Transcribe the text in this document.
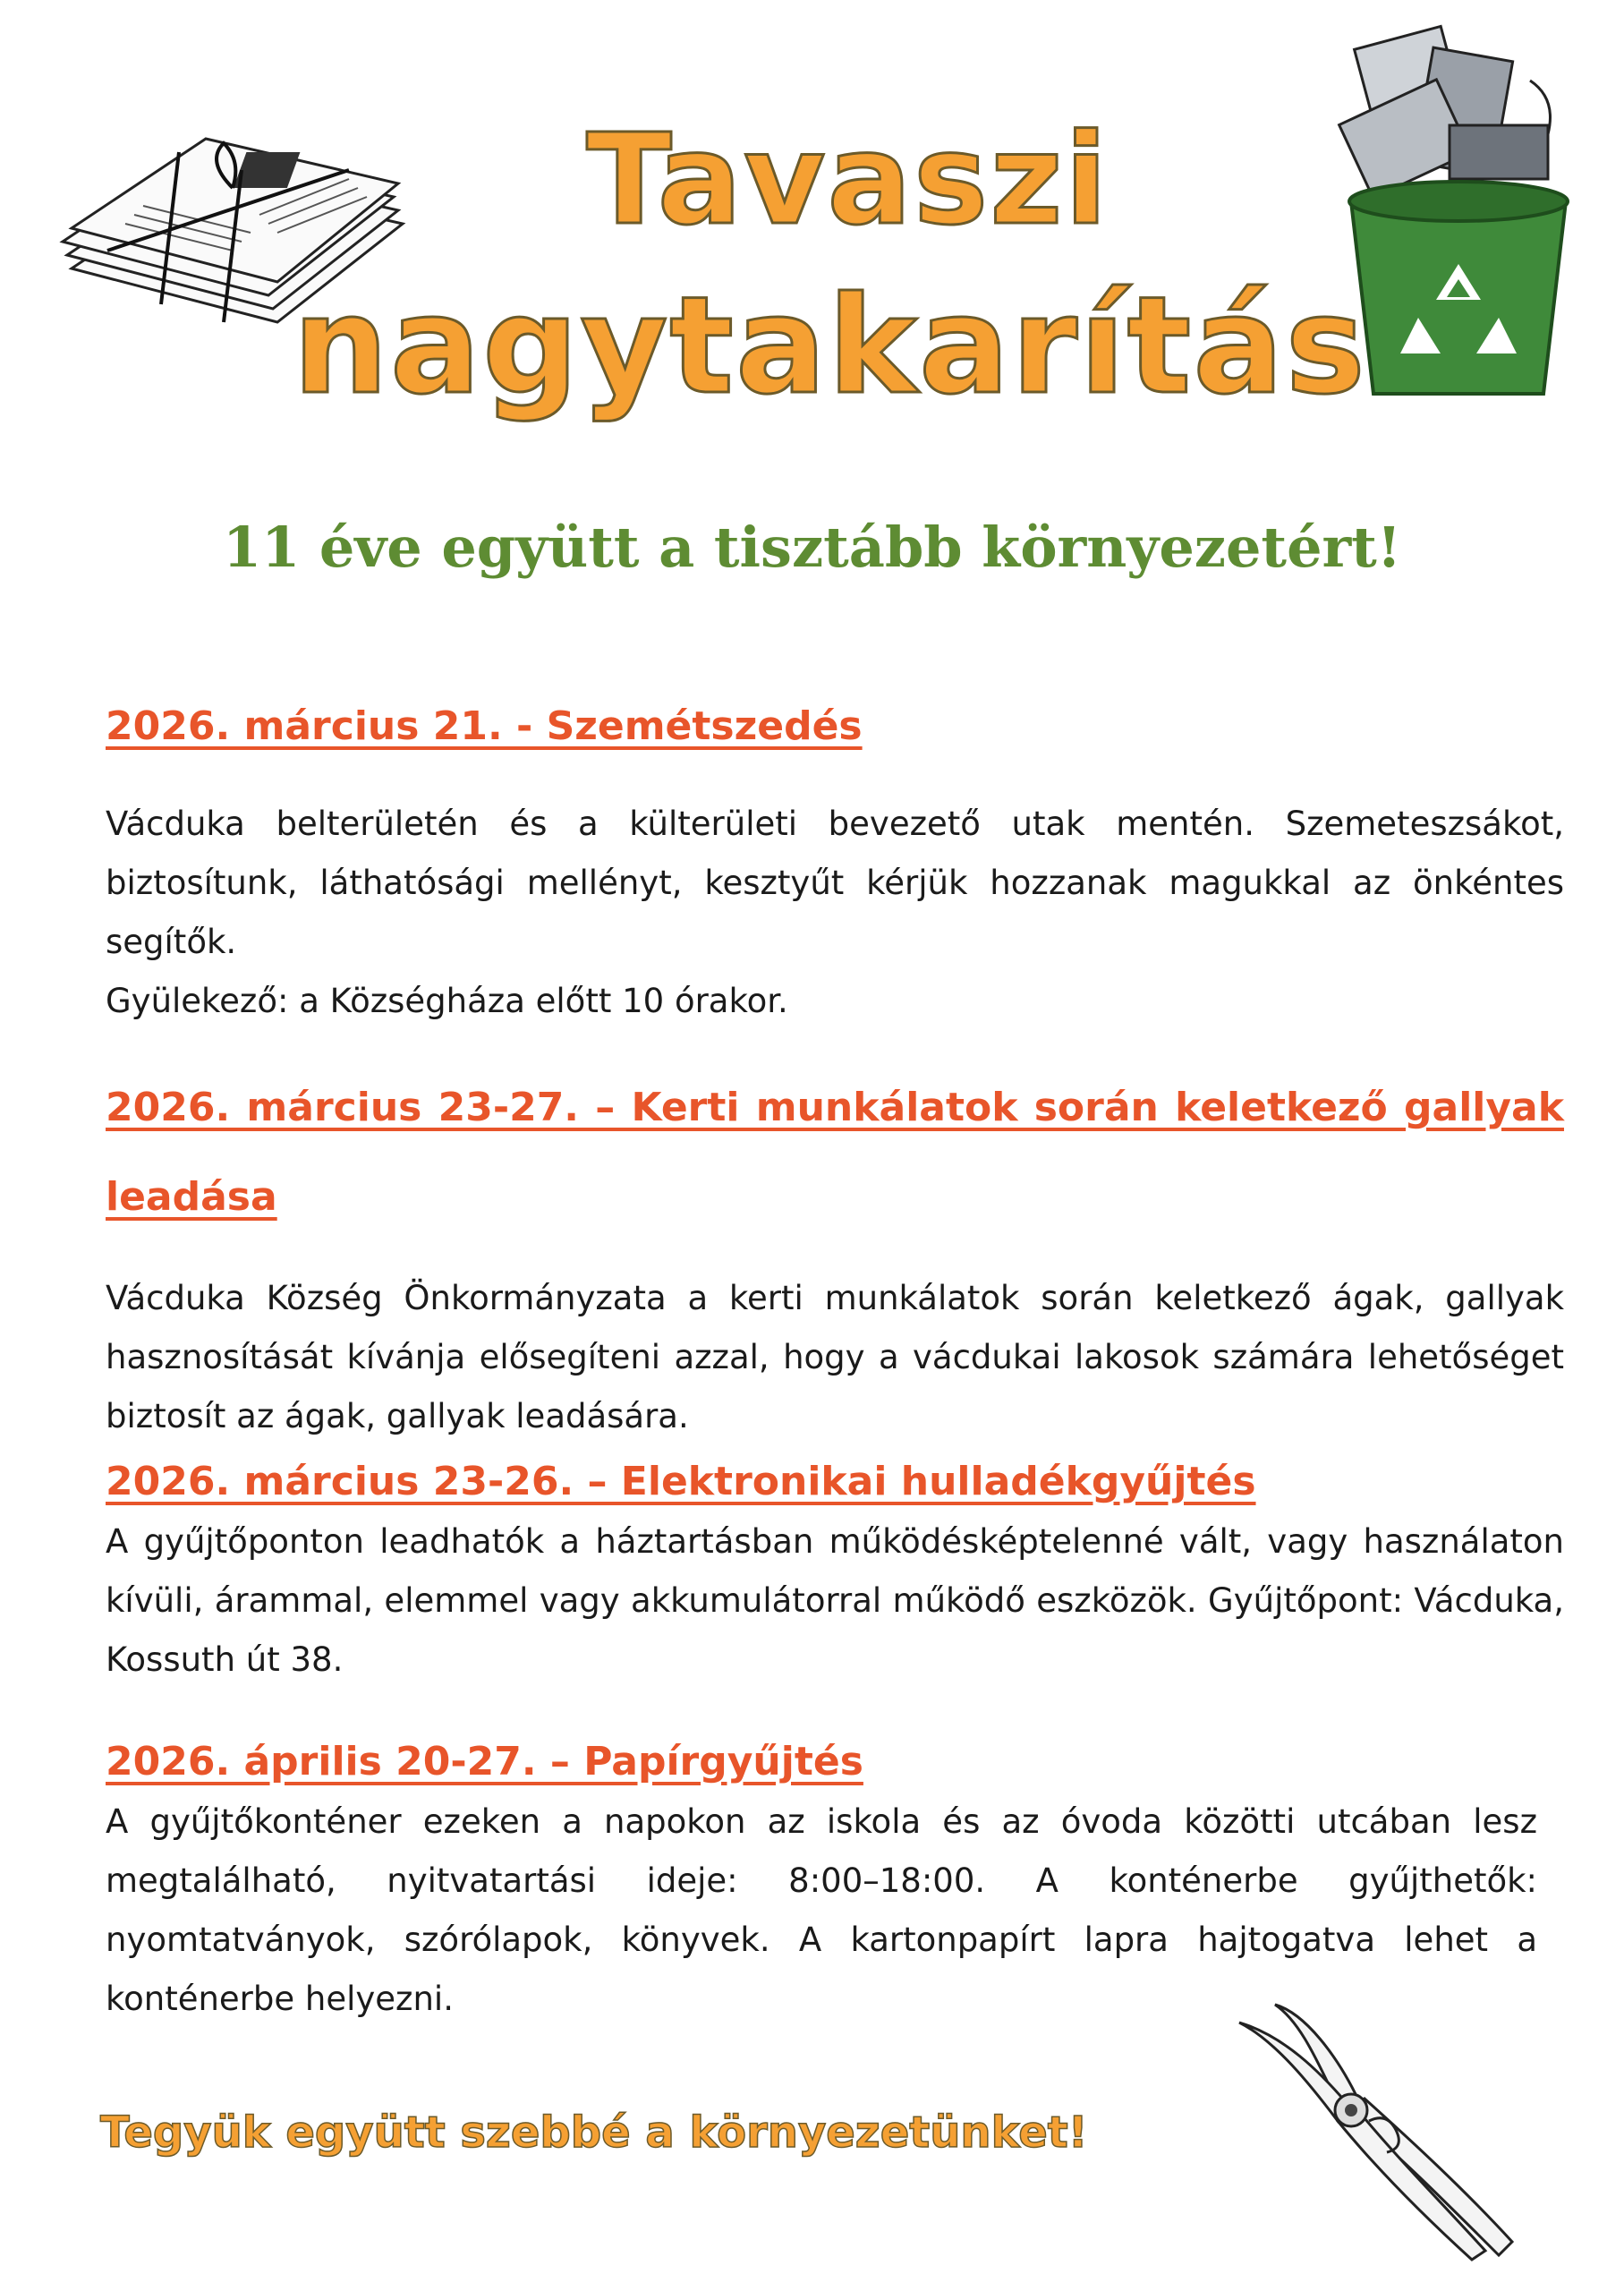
Tavaszi
nagytakarítás
11 éve együtt a tisztább környezetért!

2026. március 21. - Szemétszedés

Vácduka belterületén és a külterületi bevezető utak mentén. Szemeteszsákot, biztosítunk, láthatósági mellényt, kesztyűt kérjük hozzanak magukkal az önkéntes segítők.

Gyülekező: a Községháza előtt 10 órakor.

2026. március 23-27. – Kerti munkálatok során keletkező gallyak leadása

Vácduka Község Önkormányzata a kerti munkálatok során keletkező ágak, gallyak hasznosítását kívánja elősegíteni azzal, hogy a vácdukai lakosok számára lehetőséget biztosít az ágak, gallyak leadására.

2026. március 23-26. – Elektronikai hulladékgyűjtés

A gyűjtőponton leadhatók a háztartásban működésképtelenné vált, vagy használaton kívüli, árammal, elemmel vagy akkumulátorral működő eszközök. Gyűjtőpont: Vácduka, Kossuth út 38.

2026. április 20-27. – Papírgyűjtés

A gyűjtőkonténer ezeken a napokon az iskola és az óvoda közötti utcában lesz megtalálható, nyitvatartási ideje: 8:00–18:00. A konténerbe gyűjthetők: nyomtatványok, szórólapok, könyvek. A kartonpapírt lapra hajtogatva lehet a konténerbe helyezni.

Tegyük együtt szebbé a környezetünket!
